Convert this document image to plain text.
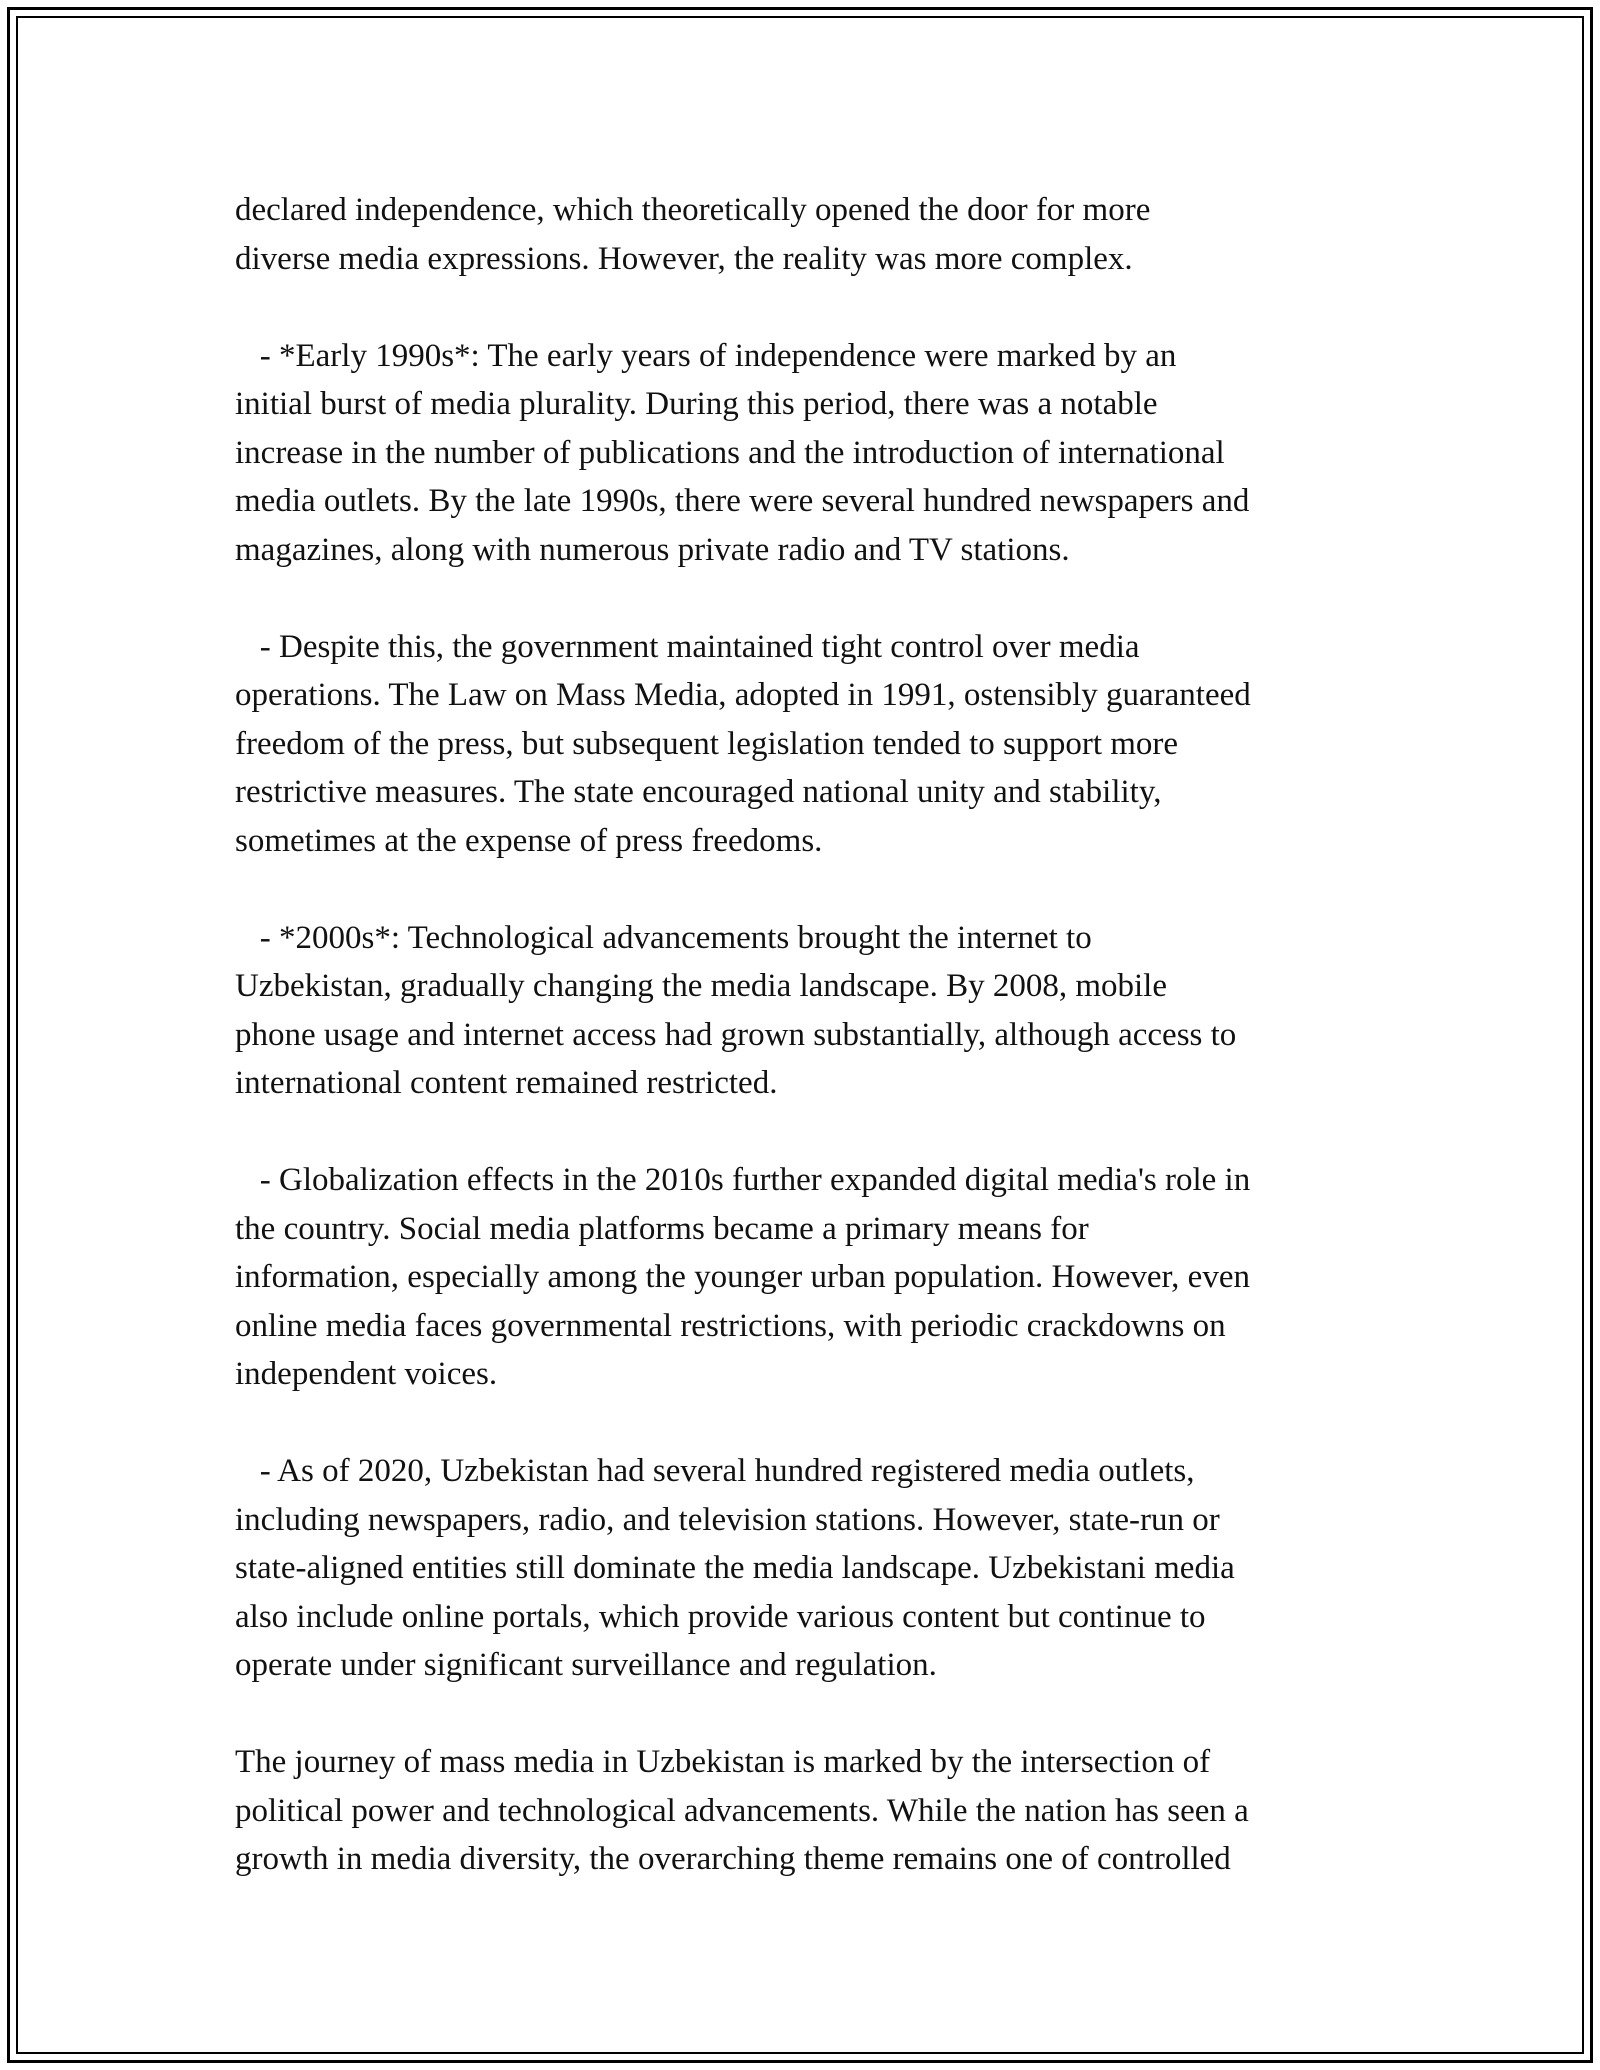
declared independence, which theoretically opened the door for more
diverse media expressions. However, the reality was more complex.
- *Early 1990s*: The early years of independence were marked by an
initial burst of media plurality. During this period, there was a notable
increase in the number of publications and the introduction of international
media outlets. By the late 1990s, there were several hundred newspapers and
magazines, along with numerous private radio and TV stations.
- Despite this, the government maintained tight control over media
operations. The Law on Mass Media, adopted in 1991, ostensibly guaranteed
freedom of the press, but subsequent legislation tended to support more
restrictive measures. The state encouraged national unity and stability,
sometimes at the expense of press freedoms.
- *2000s*: Technological advancements brought the internet to
Uzbekistan, gradually changing the media landscape. By 2008, mobile
phone usage and internet access had grown substantially, although access to
international content remained restricted.
- Globalization effects in the 2010s further expanded digital media's role in
the country. Social media platforms became a primary means for
information, especially among the younger urban population. However, even
online media faces governmental restrictions, with periodic crackdowns on
independent voices.
- As of 2020, Uzbekistan had several hundred registered media outlets,
including newspapers, radio, and television stations. However, state-run or
state-aligned entities still dominate the media landscape. Uzbekistani media
also include online portals, which provide various content but continue to
operate under significant surveillance and regulation.
The journey of mass media in Uzbekistan is marked by the intersection of
political power and technological advancements. While the nation has seen a
growth in media diversity, the overarching theme remains one of controlled
